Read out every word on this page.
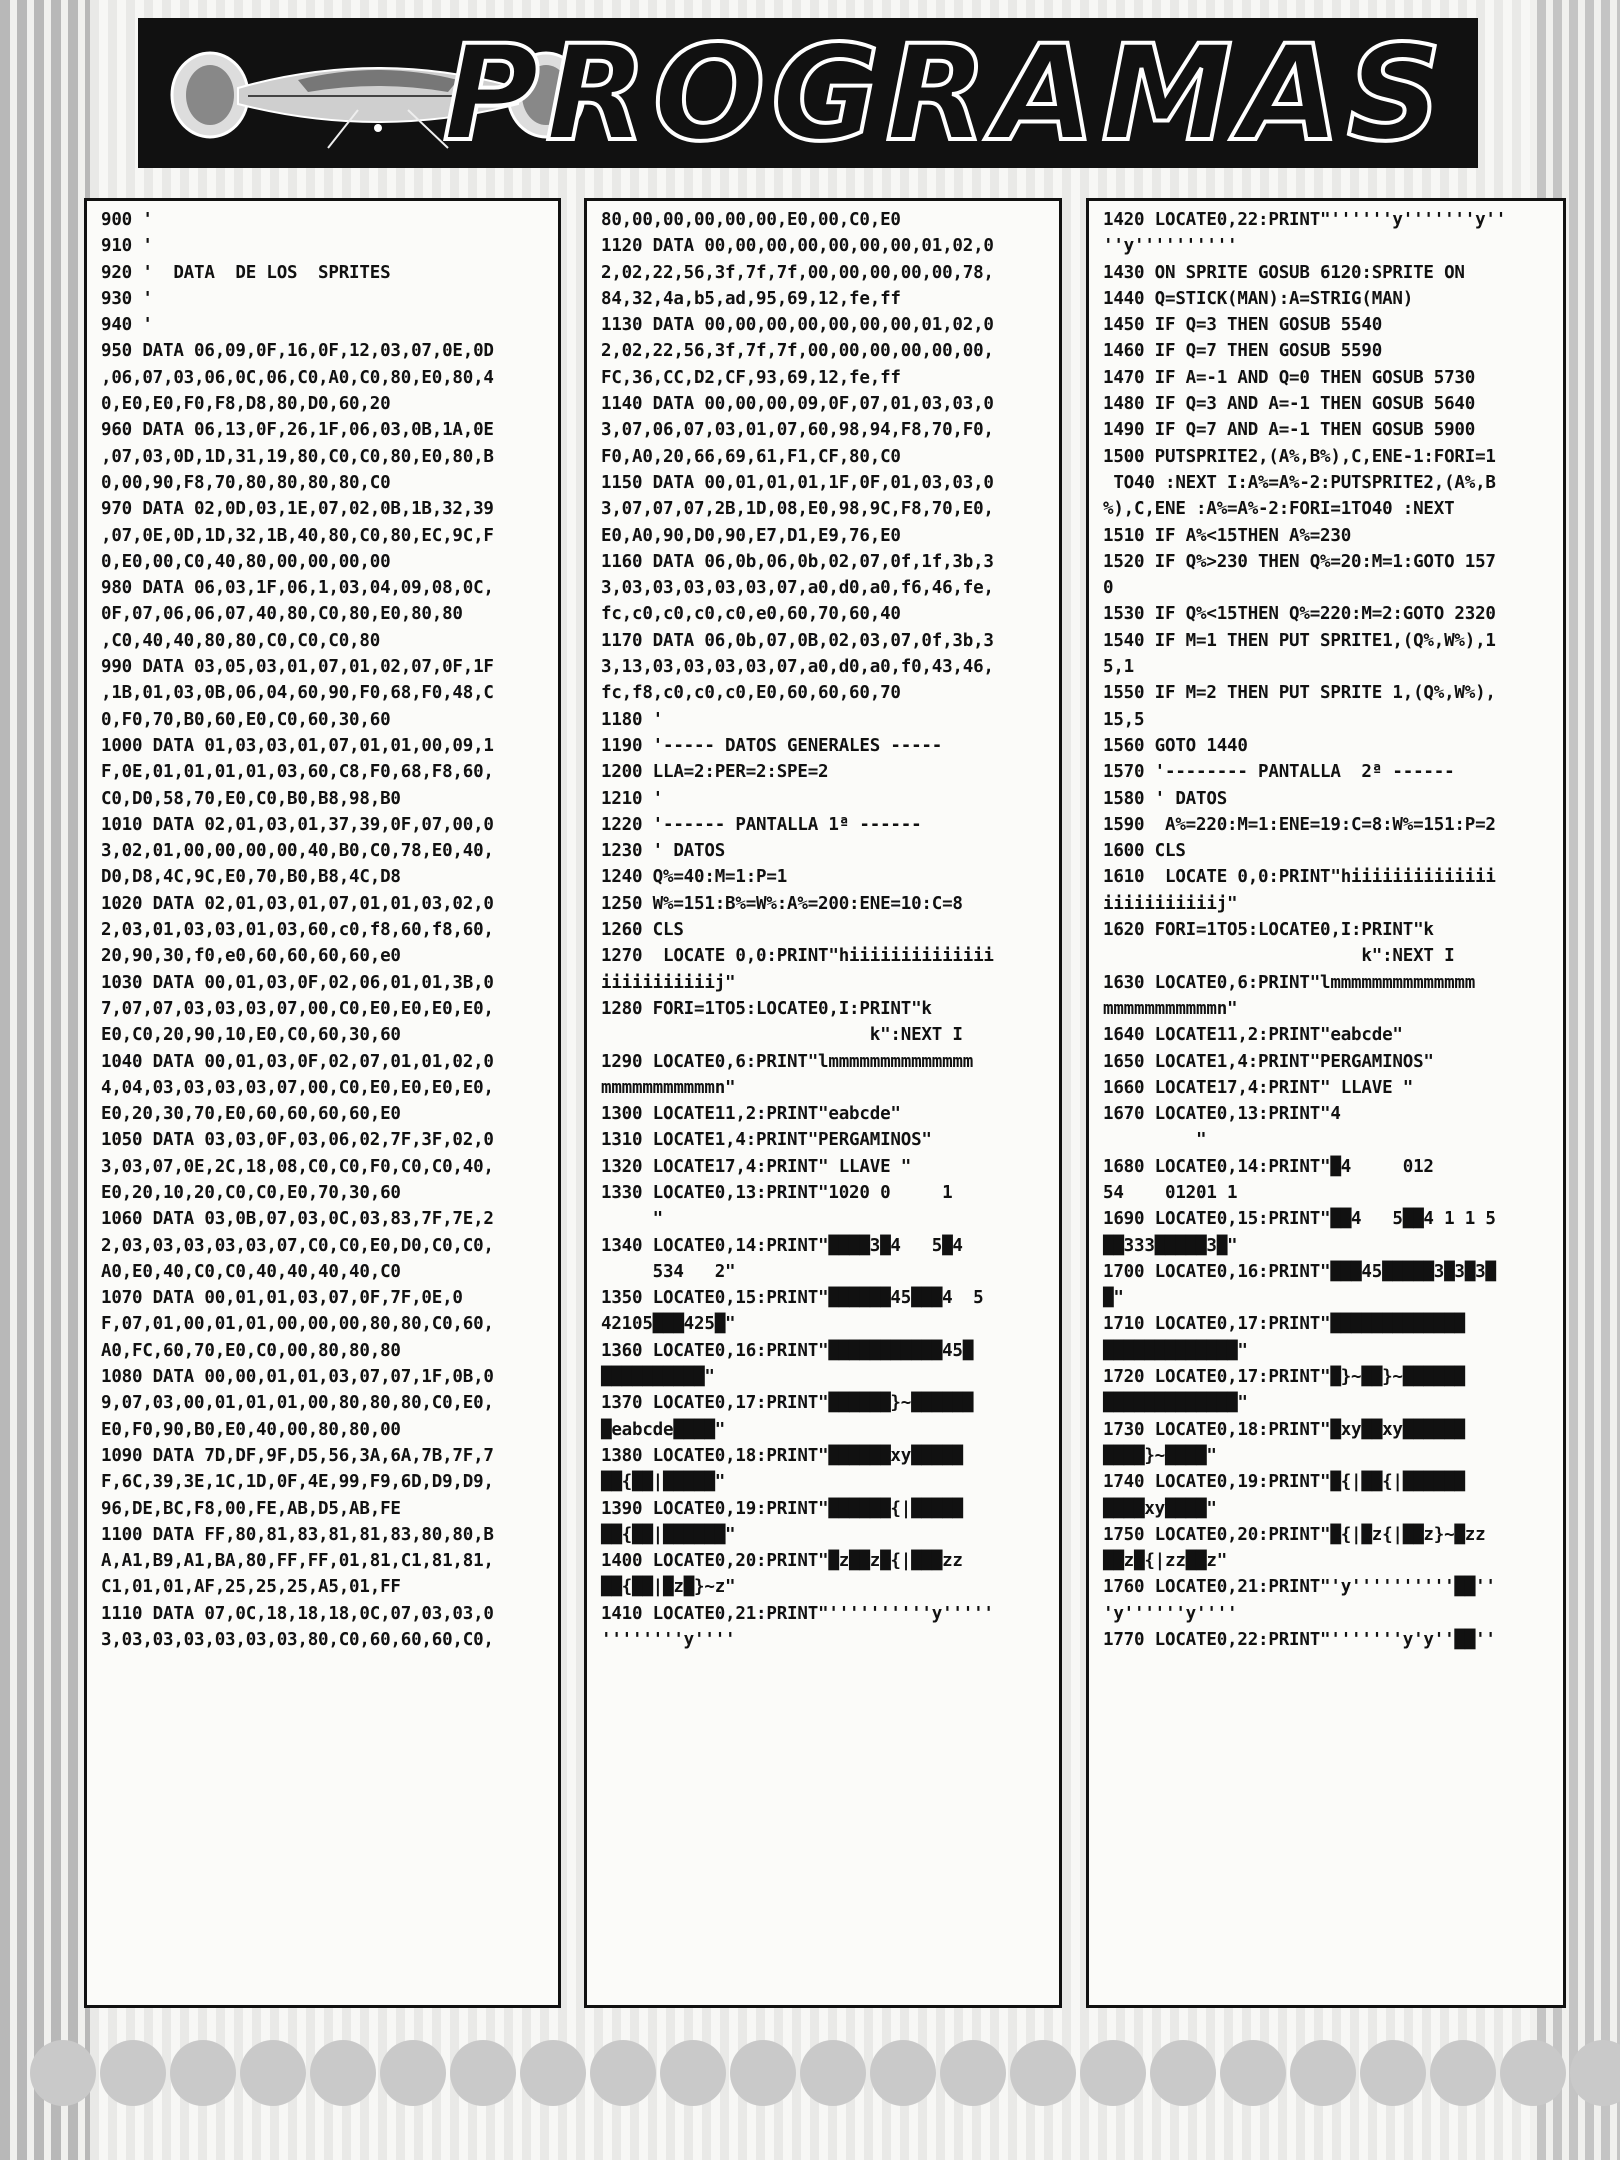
PROGRAMAS
900 '
910 '
920 '  DATA  DE LOS  SPRITES
930 '
940 '
950 DATA 06,09,0F,16,0F,12,03,07,0E,0D
,06,07,03,06,0C,06,C0,A0,C0,80,E0,80,4
0,E0,E0,F0,F8,D8,80,D0,60,20
960 DATA 06,13,0F,26,1F,06,03,0B,1A,0E
,07,03,0D,1D,31,19,80,C0,C0,80,E0,80,B
0,00,90,F8,70,80,80,80,80,C0
970 DATA 02,0D,03,1E,07,02,0B,1B,32,39
,07,0E,0D,1D,32,1B,40,80,C0,80,EC,9C,F
0,E0,00,C0,40,80,00,00,00,00
980 DATA 06,03,1F,06,1,03,04,09,08,0C,
0F,07,06,06,07,40,80,C0,80,E0,80,80
,C0,40,40,80,80,C0,C0,C0,80
990 DATA 03,05,03,01,07,01,02,07,0F,1F
,1B,01,03,0B,06,04,60,90,F0,68,F0,48,C
0,F0,70,B0,60,E0,C0,60,30,60
1000 DATA 01,03,03,01,07,01,01,00,09,1
F,0E,01,01,01,01,03,60,C8,F0,68,F8,60,
C0,D0,58,70,E0,C0,B0,B8,98,B0
1010 DATA 02,01,03,01,37,39,0F,07,00,0
3,02,01,00,00,00,00,40,B0,C0,78,E0,40,
D0,D8,4C,9C,E0,70,B0,B8,4C,D8
1020 DATA 02,01,03,01,07,01,01,03,02,0
2,03,01,03,03,01,03,60,c0,f8,60,f8,60,
20,90,30,f0,e0,60,60,60,60,e0
1030 DATA 00,01,03,0F,02,06,01,01,3B,0
7,07,07,03,03,03,07,00,C0,E0,E0,E0,E0,
E0,C0,20,90,10,E0,C0,60,30,60
1040 DATA 00,01,03,0F,02,07,01,01,02,0
4,04,03,03,03,03,07,00,C0,E0,E0,E0,E0,
E0,20,30,70,E0,60,60,60,60,E0
1050 DATA 03,03,0F,03,06,02,7F,3F,02,0
3,03,07,0E,2C,18,08,C0,C0,F0,C0,C0,40,
E0,20,10,20,C0,C0,E0,70,30,60
1060 DATA 03,0B,07,03,0C,03,83,7F,7E,2
2,03,03,03,03,03,07,C0,C0,E0,D0,C0,C0,
A0,E0,40,C0,C0,40,40,40,40,C0
1070 DATA 00,01,01,03,07,0F,7F,0E,0
F,07,01,00,01,01,00,00,00,80,80,C0,60,
A0,FC,60,70,E0,C0,00,80,80,80
1080 DATA 00,00,01,01,03,07,07,1F,0B,0
9,07,03,00,01,01,01,00,80,80,80,C0,E0,
E0,F0,90,B0,E0,40,00,80,80,00
1090 DATA 7D,DF,9F,D5,56,3A,6A,7B,7F,7
F,6C,39,3E,1C,1D,0F,4E,99,F9,6D,D9,D9,
96,DE,BC,F8,00,FE,AB,D5,AB,FE
1100 DATA FF,80,81,83,81,81,83,80,80,B
A,A1,B9,A1,BA,80,FF,FF,01,81,C1,81,81,
C1,01,01,AF,25,25,25,A5,01,FF
1110 DATA 07,0C,18,18,18,0C,07,03,03,0
3,03,03,03,03,03,03,80,C0,60,60,60,C0,
80,00,00,00,00,00,E0,00,C0,E0
1120 DATA 00,00,00,00,00,00,00,01,02,0
2,02,22,56,3f,7f,7f,00,00,00,00,00,78,
84,32,4a,b5,ad,95,69,12,fe,ff
1130 DATA 00,00,00,00,00,00,00,01,02,0
2,02,22,56,3f,7f,7f,00,00,00,00,00,00,
FC,36,CC,D2,CF,93,69,12,fe,ff
1140 DATA 00,00,00,09,0F,07,01,03,03,0
3,07,06,07,03,01,07,60,98,94,F8,70,F0,
F0,A0,20,66,69,61,F1,CF,80,C0
1150 DATA 00,01,01,01,1F,0F,01,03,03,0
3,07,07,07,2B,1D,08,E0,98,9C,F8,70,E0,
E0,A0,90,D0,90,E7,D1,E9,76,E0
1160 DATA 06,0b,06,0b,02,07,0f,1f,3b,3
3,03,03,03,03,03,07,a0,d0,a0,f6,46,fe,
fc,c0,c0,c0,c0,e0,60,70,60,40
1170 DATA 06,0b,07,0B,02,03,07,0f,3b,3
3,13,03,03,03,03,07,a0,d0,a0,f0,43,46,
fc,f8,c0,c0,c0,E0,60,60,60,70
1180 '
1190 '----- DATOS GENERALES -----
1200 LLA=2:PER=2:SPE=2
1210 '
1220 '------ PANTALLA 1ª ------
1230 ' DATOS
1240 Q%=40:M=1:P=1
1250 W%=151:B%=W%:A%=200:ENE=10:C=8
1260 CLS
1270  LOCATE 0,0:PRINT"hiiiiiiiiiiiiii
iiiiiiiiiiij"
1280 FORI=1TO5:LOCATE0,I:PRINT"k
k":NEXT I
1290 LOCATE0,6:PRINT"lmmmmmmmmmmmmmm
mmmmmmmmmmmn"
1300 LOCATE11,2:PRINT"eabcde"
1310 LOCATE1,4:PRINT"PERGAMINOS"
1320 LOCATE17,4:PRINT" LLAVE "
1330 LOCATE0,13:PRINT"1020 0     1
"
1340 LOCATE0,14:PRINT"████3█4   5█4
534   2"
1350 LOCATE0,15:PRINT"██████45███4  5
42105███425█"
1360 LOCATE0,16:PRINT"███████████45█
██████████"
1370 LOCATE0,17:PRINT"██████}~██████
█eabcde████"
1380 LOCATE0,18:PRINT"██████xy█████
██{██|█████"
1390 LOCATE0,19:PRINT"██████{|█████
██{██|██████"
1400 LOCATE0,20:PRINT"█z██z█{|███zz
██{██|█z█}~z"
1410 LOCATE0,21:PRINT"''''''''''y'''''
''''''''y''''
1420 LOCATE0,22:PRINT"''''''y'''''''y''
''y''''''''''
1430 ON SPRITE GOSUB 6120:SPRITE ON
1440 Q=STICK(MAN):A=STRIG(MAN)
1450 IF Q=3 THEN GOSUB 5540
1460 IF Q=7 THEN GOSUB 5590
1470 IF A=-1 AND Q=0 THEN GOSUB 5730
1480 IF Q=3 AND A=-1 THEN GOSUB 5640
1490 IF Q=7 AND A=-1 THEN GOSUB 5900
1500 PUTSPRITE2,(A%,B%),C,ENE-1:FORI=1
TO40 :NEXT I:A%=A%-2:PUTSPRITE2,(A%,B
%),C,ENE :A%=A%-2:FORI=1TO40 :NEXT
1510 IF A%<15THEN A%=230
1520 IF Q%>230 THEN Q%=20:M=1:GOTO 157
0
1530 IF Q%<15THEN Q%=220:M=2:GOTO 2320
1540 IF M=1 THEN PUT SPRITE1,(Q%,W%),1
5,1
1550 IF M=2 THEN PUT SPRITE 1,(Q%,W%),
15,5
1560 GOTO 1440
1570 '-------- PANTALLA  2ª ------
1580 ' DATOS
1590  A%=220:M=1:ENE=19:C=8:W%=151:P=2
1600 CLS
1610  LOCATE 0,0:PRINT"hiiiiiiiiiiiiii
iiiiiiiiiiij"
1620 FORI=1TO5:LOCATE0,I:PRINT"k
k":NEXT I
1630 LOCATE0,6:PRINT"lmmmmmmmmmmmmmm
mmmmmmmmmmmn"
1640 LOCATE11,2:PRINT"eabcde"
1650 LOCATE1,4:PRINT"PERGAMINOS"
1660 LOCATE17,4:PRINT" LLAVE "
1670 LOCATE0,13:PRINT"4
"
1680 LOCATE0,14:PRINT"█4     012
54    01201 1
1690 LOCATE0,15:PRINT"██4   5██4 1 1 5
██333█████3█"
1700 LOCATE0,16:PRINT"███45█████3█3█3█
█"
1710 LOCATE0,17:PRINT"█████████████
█████████████"
1720 LOCATE0,17:PRINT"█}~██}~██████
█████████████"
1730 LOCATE0,18:PRINT"█xy██xy██████
████}~████"
1740 LOCATE0,19:PRINT"█{|██{|██████
████xy████"
1750 LOCATE0,20:PRINT"█{|█z{|██z}~█zz
██z█{|zz██z"
1760 LOCATE0,21:PRINT"'y''''''''''██''
'y''''''y''''
1770 LOCATE0,22:PRINT"'''''''y'y''██''
